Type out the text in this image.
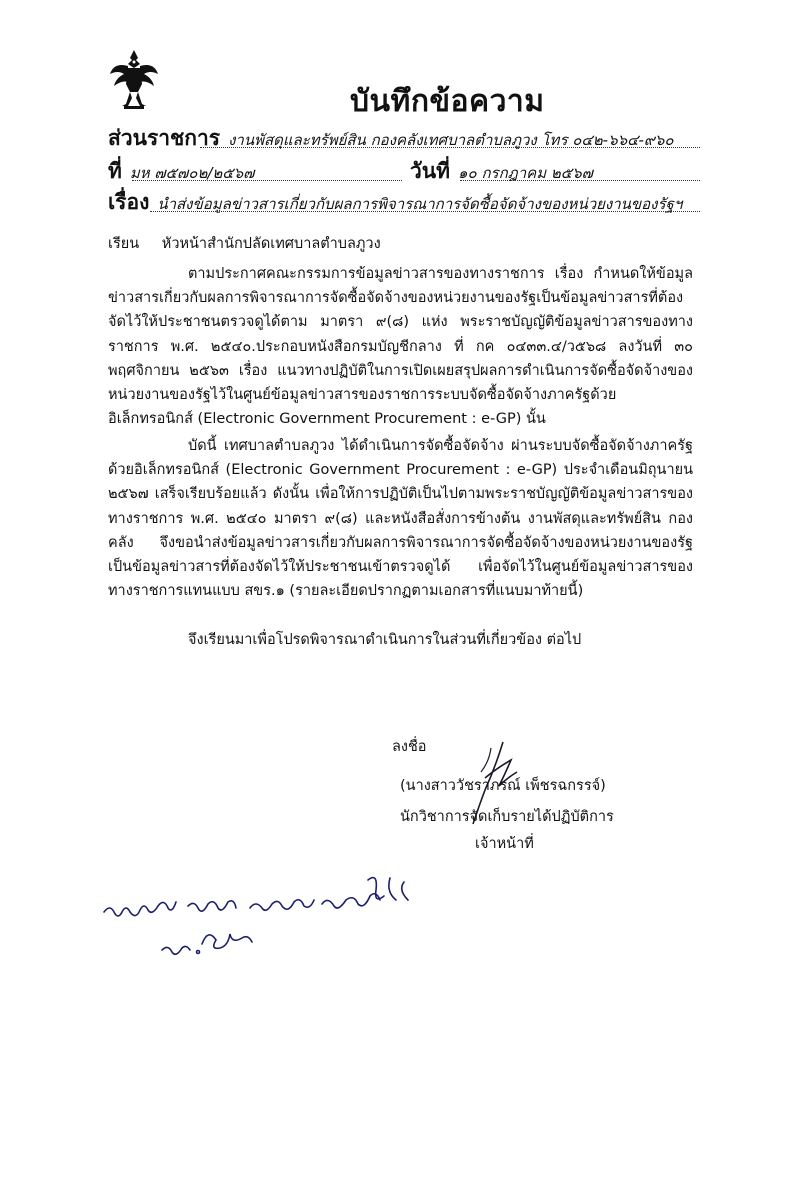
บันทึกข้อความ
ส่วนราชการ งานพัสดุและทรัพย์สิน กองคลังเทศบาลตำบลภูวง โทร ๐๔๒-๖๖๔-๙๖๐
ที่ มห ๗๕๗๐๒/๒๕๖๗	วันที่ ๑๐ กรกฎาคม ๒๕๖๗
เรื่อง นำส่งข้อมูลข่าวสารเกี่ยวกับผลการพิจารณาการจัดซื้อจัดจ้างของหน่วยงานของรัฐฯ
เรียน หัวหน้าสำนักปลัดเทศบาลตำบลภูวง
ตามประกาศคณะกรรมการข้อมูลข่าวสารของทางราชการ เรื่อง กำหนดให้ข้อมูลข่าวสารเกี่ยวกับผลการพิจารณาการจัดซื้อจัดจ้างของหน่วยงานของรัฐเป็นข้อมูลข่าวสารที่ต้องจัดไว้ให้ประชาชนตรวจดูได้ตาม มาตรา ๙(๘) แห่ง พระราชบัญญัติข้อมูลข่าวสารของทางราชการ พ.ศ. ๒๕๔๐.ประกอบหนังสือกรมบัญชีกลาง ที่ กค ๐๔๓๓.๔/ว๕๖๘ ลงวันที่ ๓๐ พฤศจิกายน ๒๕๖๓ เรื่อง แนวทางปฏิบัติในการเปิดเผยสรุปผลการดำเนินการจัดซื้อจัดจ้างของหน่วยงานของรัฐไว้ในศูนย์ข้อมูลข่าวสารของราชการระบบจัดซื้อจัดจ้างภาครัฐด้วยอิเล็กทรอนิกส์ (Electronic Government Procurement : e-GP) นั้น
บัดนี้ เทศบาลตำบลภูวง ได้ดำเนินการจัดซื้อจัดจ้าง ผ่านระบบจัดซื้อจัดจ้างภาครัฐด้วยอิเล็กทรอนิกส์ (Electronic Government Procurement : e-GP) ประจำเดือนมิถุนายน ๒๕๖๗ เสร็จเรียบร้อยแล้ว ดังนั้น เพื่อให้การปฏิบัติเป็นไปตามพระราชบัญญัติข้อมูลข่าวสารของทางราชการ พ.ศ. ๒๕๔๐ มาตรา ๙(๘) และหนังสือสั่งการข้างต้น งานพัสดุและทรัพย์สิน กองคลัง จึงขอนำส่งข้อมูลข่าวสารเกี่ยวกับผลการพิจารณาการจัดซื้อจัดจ้างของหน่วยงานของรัฐเป็นข้อมูลข่าวสารที่ต้องจัดไว้ให้ประชาชนเข้าตรวจดูได้ เพื่อจัดไว้ในศูนย์ข้อมูลข่าวสารของทางราชการแทนแบบ สขร.๑ (รายละเอียดปรากฏตามเอกสารที่แนบมาท้ายนี้)
จึงเรียนมาเพื่อโปรดพิจารณาดำเนินการในส่วนที่เกี่ยวข้อง ต่อไป
ลงชื่อ
(นางสาววัชราภรณ์ เพ็ชรฉกรรจ์)
นักวิชาการจัดเก็บรายได้ปฏิบัติการ
เจ้าหน้าที่
